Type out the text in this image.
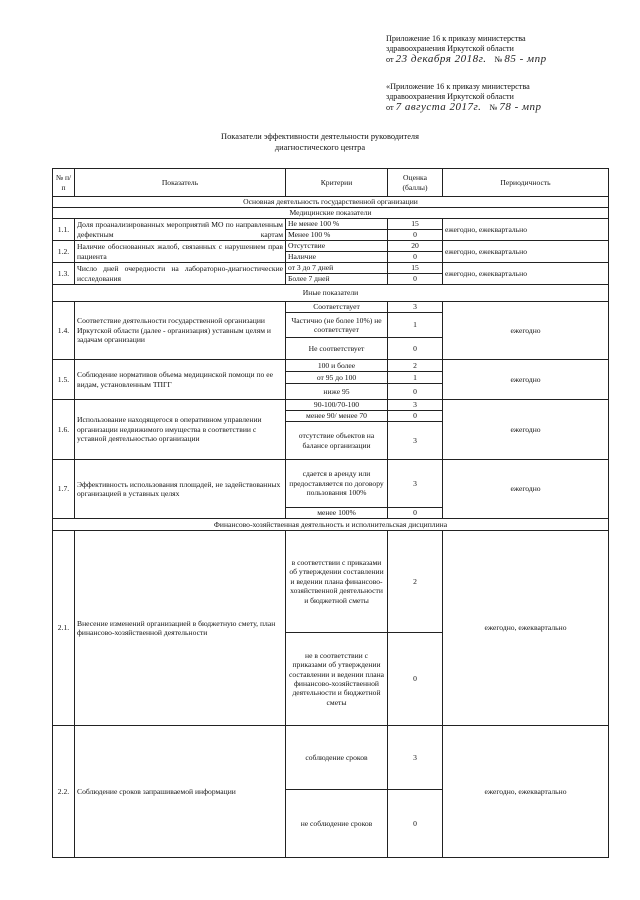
Приложение 16 к приказу министерства
здравоохранения Иркутской области
от 23 декабря 2018г. № 85 - мпр
«Приложение 16 к приказу министерства
здравоохранения Иркутской области
от 7 августа 2017г. № 78 - мпр
Показатели эффективности деятельности руководителя
диагностического центра
№ п/п	Показатель	Критерии	Оценка (баллы)	Периодичность
Основная деятельность государственной организации				
Медицинские показатели				
1.1.	Доля проанализированных мероприятий МО по направленным дефектным картам	Не менее 100 %	15	ежегодно, ежеквартально
		Менее 100 %	0	
1.2.	Наличие обоснованных жалоб, связанных с нарушением прав пациента	Отсутствие	20	ежегодно, ежеквартально
		Наличие	0	
1.3.	Число дней очередности на лабораторно-диагностические исследования	от 3 до 7 дней	15	ежегодно, ежеквартально
		Более 7 дней	0	
Иные показатели				
1.4.	Соответствие деятельности государственной организации Иркутской области (далее - организация) уставным целям и задачам организации	Соответствует	3	ежегодно
		Частично (не более 10%) не соответствует	1	
		Не соответствует	0	
1.5.	Соблюдение нормативов объема медицинской помощи по ее видам, установленным ТПГГ	100 и более	2	ежегодно
		от 95 до 100	1	
		ниже 95	0	
1.6.	Использование находящегося в оперативном управлении организации недвижимого имущества в соответствии с уставной деятельностью организации	90-100/70-100	3	ежегодно
		менее 90/ менее 70	0	
		отсутствие объектов на балансе организации	3	
1.7.	Эффективность использования площадей, не задействованных организацией в уставных целях	сдается в аренду или предоставляется по договору пользования 100%	3	ежегодно
		менее 100%	0	
Финансово-хозяйственная деятельность и исполнительская дисциплина				
2.1.	Внесение изменений организацией в бюджетную смету, план финансово-хозяйственной деятельности	в соответствии с приказами об утверждении составлении и ведении плана финансово-хозяйственной деятельности и бюджетной сметы	2	ежегодно, ежеквартально
		не в соответствии с приказами об утверждении составлении и ведении плана финансово-хозяйственной деятельности и бюджетной сметы	0	
2.2.	Соблюдение сроков запрашиваемой информации	соблюдение сроков	3	ежегодно, ежеквартально
		не соблюдение сроков	0	
